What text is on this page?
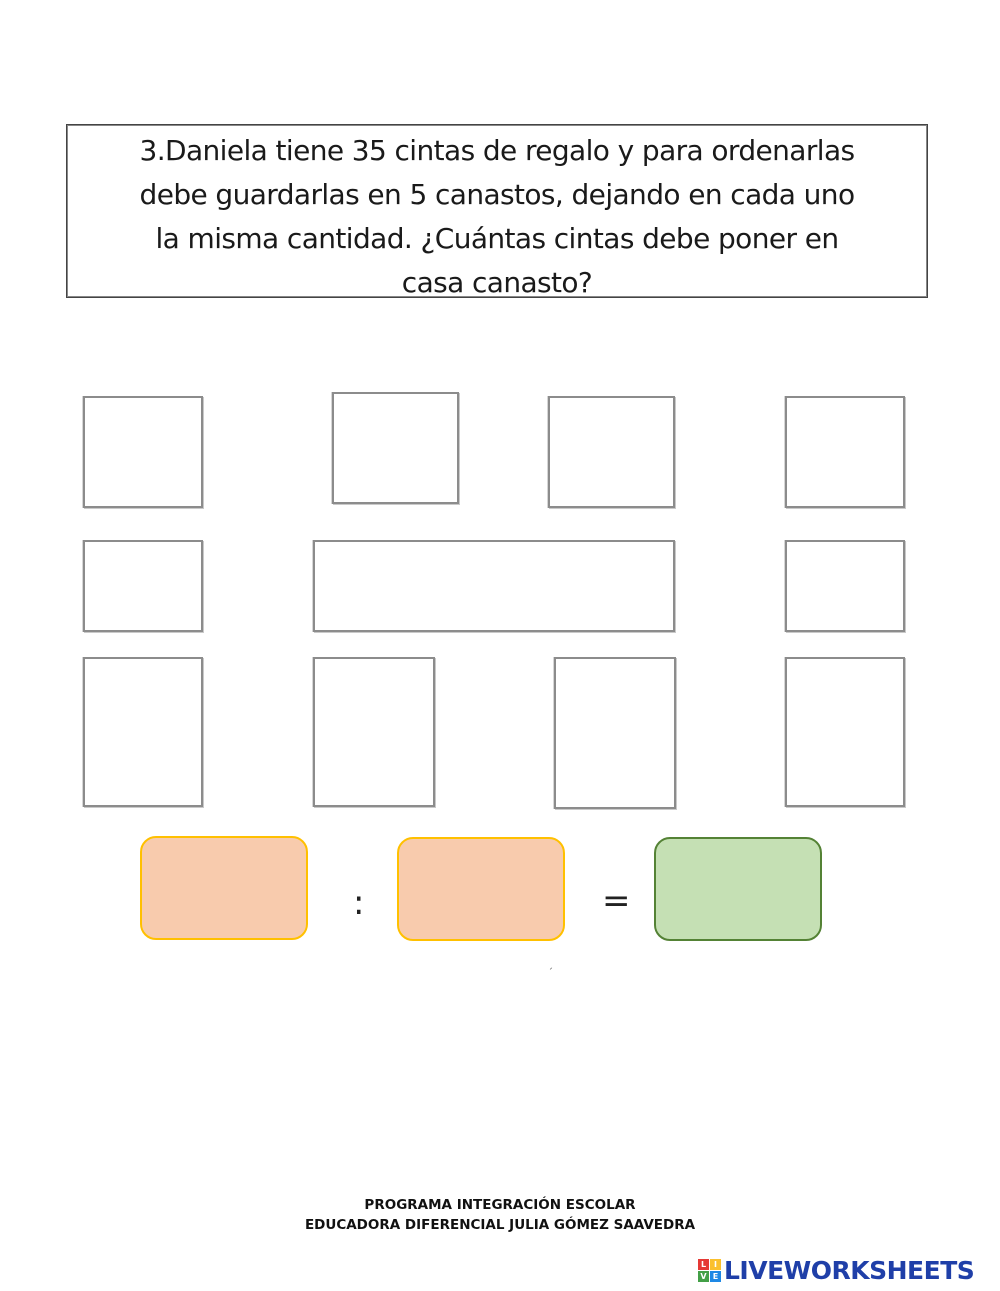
3.Daniela tiene 35 cintas de regalo y para ordenarlas
debe guardarlas en 5 canastos, dejando en cada uno
la misma cantidad. ¿Cuántas cintas debe poner en
casa canasto?

:	=
ˏ
PROGRAMA INTEGRACIÓN ESCOLAR
EDUCADORA DIFERENCIAL JULIA GÓMEZ SAAVEDRA
L I
V E LIVEWORKSHEETS
